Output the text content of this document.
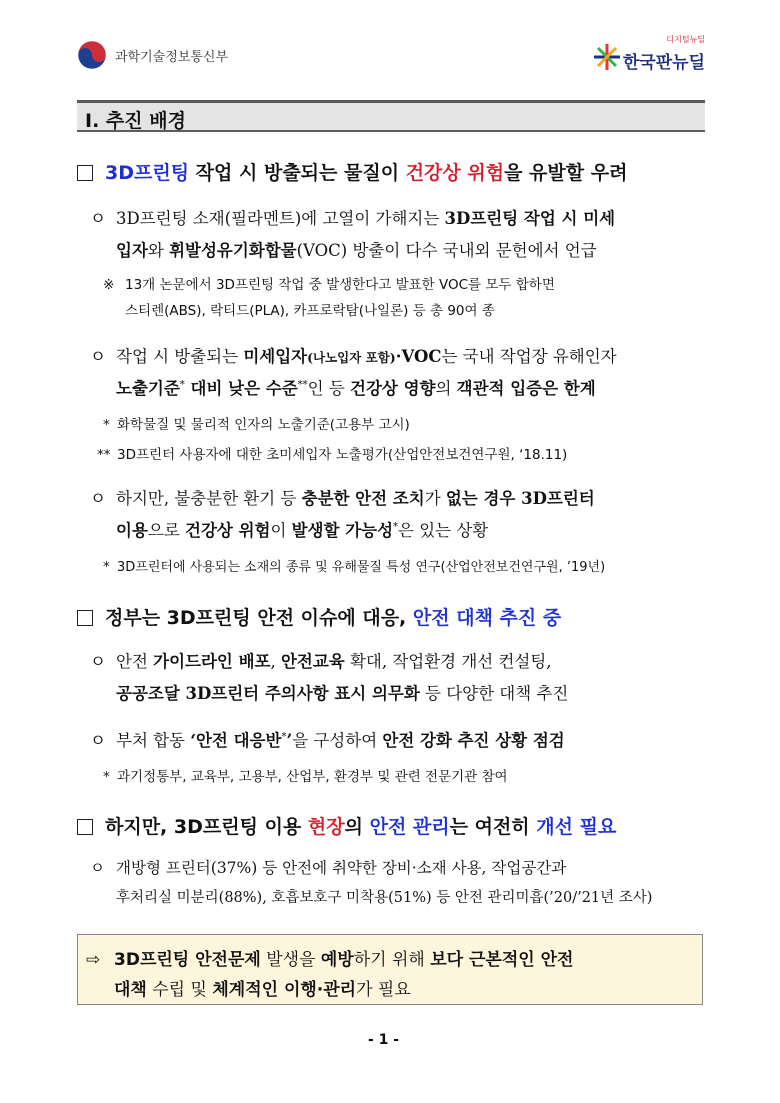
과학기술정보통신부
디지털뉴딜
한국판뉴딜
I. 추진 배경
3D프린팅 작업 시 방출되는 물질이 건강상 위험을 유발할 우려
ㅇ 3D프린팅 소재(필라멘트)에 고열이 가해지는 3D프린팅 작업 시 미세
입자와 휘발성유기화합물(VOC) 방출이 다수 국내외 문헌에서 언급
※ 13개 논문에서 3D프린팅 작업 중 발생한다고 발표한 VOC를 모두 합하면
스티렌(ABS), 락티드(PLA), 카프로락탐(나일론) 등 총 90여 종
ㅇ 작업 시 방출되는 미세입자(나노입자 포함)·VOC는 국내 작업장 유해인자
노출기준* 대비 낮은 수준**인 등 건강상 영향의 객관적 입증은 한계
* 화학물질 및 물리적 인자의 노출기준(고용부 고시)
** 3D프린터 사용자에 대한 초미세입자 노출평가(산업안전보건연구원, ‘18.11)
ㅇ 하지만, 불충분한 환기 등 충분한 안전 조치가 없는 경우 3D프린터
이용으로 건강상 위험이 발생할 가능성*은 있는 상황
* 3D프린터에 사용되는 소재의 종류 및 유해물질 특성 연구(산업안전보건연구원, ’19년)
정부는 3D프린팅 안전 이슈에 대응, 안전 대책 추진 중
ㅇ 안전 가이드라인 배포, 안전교육 확대, 작업환경 개선 컨설팅,
공공조달 3D프린터 주의사항 표시 의무화 등 다양한 대책 추진
ㅇ 부처 합동 ‘안전 대응반*’을 구성하여 안전 강화 추진 상황 점검
* 과기정통부, 교육부, 고용부, 산업부, 환경부 및 관련 전문기관 참여
하지만, 3D프린팅 이용 현장의 안전 관리는 여전히 개선 필요
ㅇ 개방형 프린터(37%) 등 안전에 취약한 장비·소재 사용, 작업공간과
후처리실 미분리(88%), 호흡보호구 미착용(51%) 등 안전 관리미흡(’20/’21년 조사)
⇨ 3D프린팅 안전문제 발생을 예방하기 위해 보다 근본적인 안전
대책 수립 및 체계적인 이행·관리가 필요
- 1 -
